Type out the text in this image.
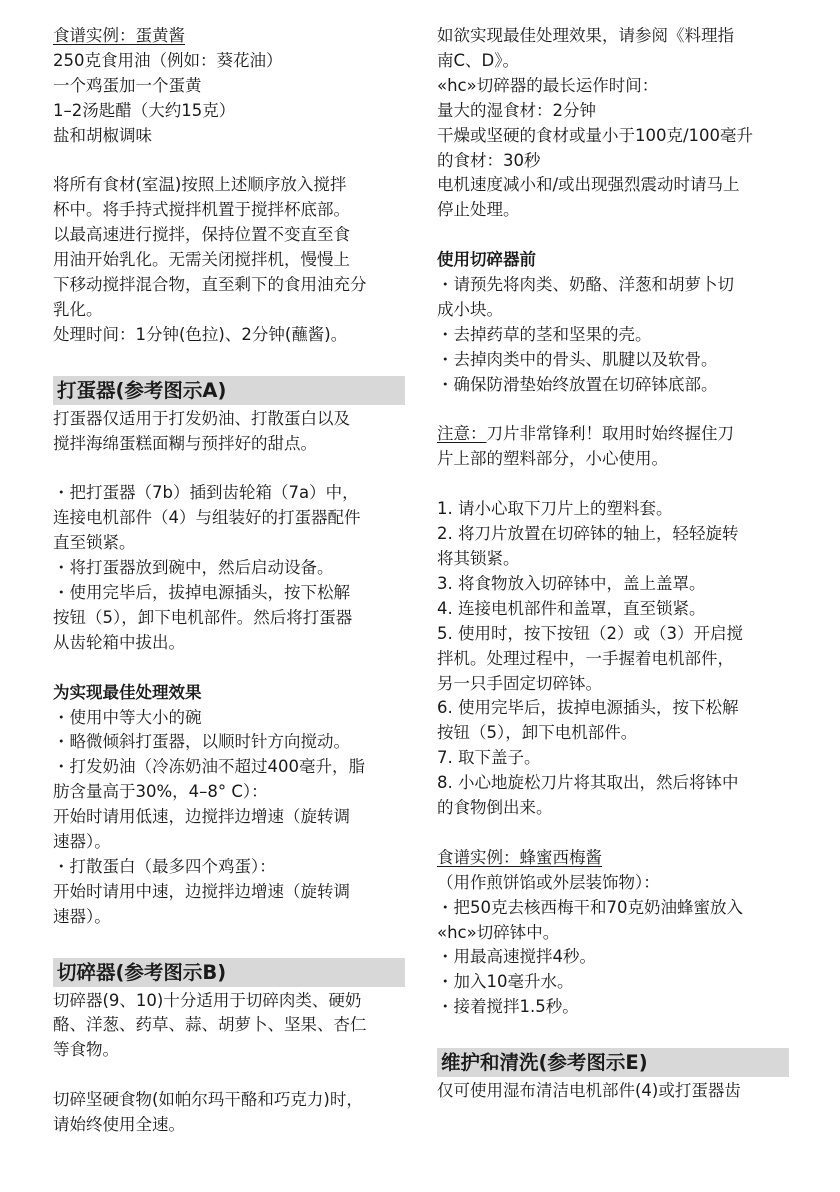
食谱实例：蛋黄酱
250克食用油（例如：葵花油）
一个鸡蛋加一个蛋黄
1–2汤匙醋（大约15克）
盐和胡椒调味
将所有食材(室温)按照上述顺序放入搅拌
杯中。将手持式搅拌机置于搅拌杯底部。
以最高速进行搅拌，保持位置不变直至食
用油开始乳化。无需关闭搅拌机，慢慢上
下移动搅拌混合物，直至剩下的食用油充分
乳化。
处理时间：1分钟(色拉)、2分钟(蘸酱)。
打蛋器(参考图示A)
打蛋器仅适用于打发奶油、打散蛋白以及
搅拌海绵蛋糕面糊与预拌好的甜点。
・把打蛋器（7b）插到齿轮箱（7a）中，
连接电机部件（4）与组装好的打蛋器配件
直至锁紧。
・将打蛋器放到碗中，然后启动设备。
・使用完毕后，拔掉电源插头，按下松解
按钮（5），卸下电机部件。然后将打蛋器
从齿轮箱中拔出。
为实现最佳处理效果
・使用中等大小的碗
・略微倾斜打蛋器，以顺时针方向搅动。
・打发奶油（冷冻奶油不超过400毫升，脂
肪含量高于30%，4–8° C）：
开始时请用低速，边搅拌边增速（旋转调
速器）。
・打散蛋白（最多四个鸡蛋）：
开始时请用中速，边搅拌边增速（旋转调
速器）。
切碎器(参考图示B)
切碎器(9、10)十分适用于切碎肉类、硬奶
酪、洋葱、药草、蒜、胡萝卜、坚果、杏仁
等食物。
切碎坚硬食物(如帕尔玛干酪和巧克力)时，
请始终使用全速。
如欲实现最佳处理效果，请参阅《料理指
南C、D》。
«hc»切碎器的最长运作时间：
量大的湿食材：2分钟
干燥或坚硬的食材或量小于100克/100毫升
的食材：30秒
电机速度减小和/或出现强烈震动时请马上
停止处理。
使用切碎器前
・请预先将肉类、奶酪、洋葱和胡萝卜切
成小块。
・去掉药草的茎和坚果的壳。
・去掉肉类中的骨头、肌腱以及软骨。
・确保防滑垫始终放置在切碎钵底部。
注意：刀片非常锋利！取用时始终握住刀
片上部的塑料部分，小心使用。
1. 请小心取下刀片上的塑料套。
2. 将刀片放置在切碎钵的轴上，轻轻旋转
将其锁紧。
3. 将食物放入切碎钵中，盖上盖罩。
4. 连接电机部件和盖罩，直至锁紧。
5. 使用时，按下按钮（2）或（3）开启搅
拌机。处理过程中，一手握着电机部件，
另一只手固定切碎钵。
6. 使用完毕后，拔掉电源插头，按下松解
按钮（5），卸下电机部件。
7. 取下盖子。
8. 小心地旋松刀片将其取出，然后将钵中
的食物倒出来。
食谱实例：蜂蜜西梅酱
（用作煎饼馅或外层装饰物）：
・把50克去核西梅干和70克奶油蜂蜜放入
«hc»切碎钵中。
・用最高速搅拌4秒。
・加入10毫升水。
・接着搅拌1.5秒。
维护和清洗(参考图示E)
仅可使用湿布清洁电机部件(4)或打蛋器齿
